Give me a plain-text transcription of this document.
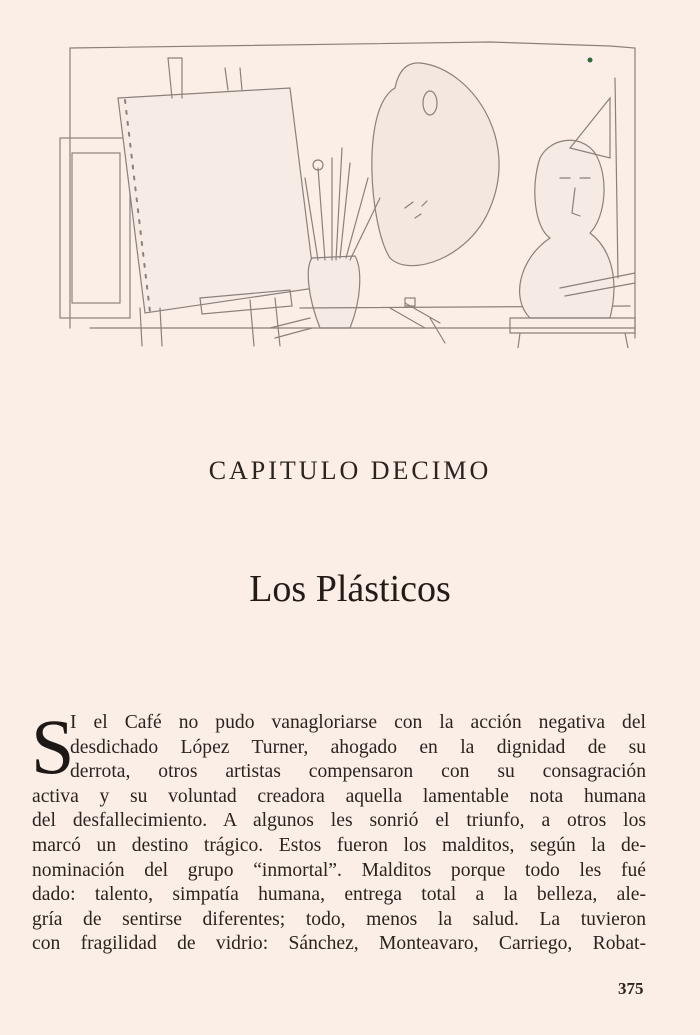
CAPITULO DECIMO
Los Plásticos
S
I el Café no pudo vanagloriarse con la acción negativa del
desdichado López Turner, ahogado en la dignidad de su
derrota, otros artistas compensaron con su consagración
activa y su voluntad creadora aquella lamentable nota humana
del desfallecimiento. A algunos les sonrió el triunfo, a otros los
marcó un destino trágico. Estos fueron los malditos, según la de-
nominación del grupo “inmortal”. Malditos porque todo les fué
dado: talento, simpatía humana, entrega total a la belleza, ale-
gría de sentirse diferentes; todo, menos la salud. La tuvieron
con fragilidad de vidrio: Sánchez, Monteavaro, Carriego, Robat-
375
